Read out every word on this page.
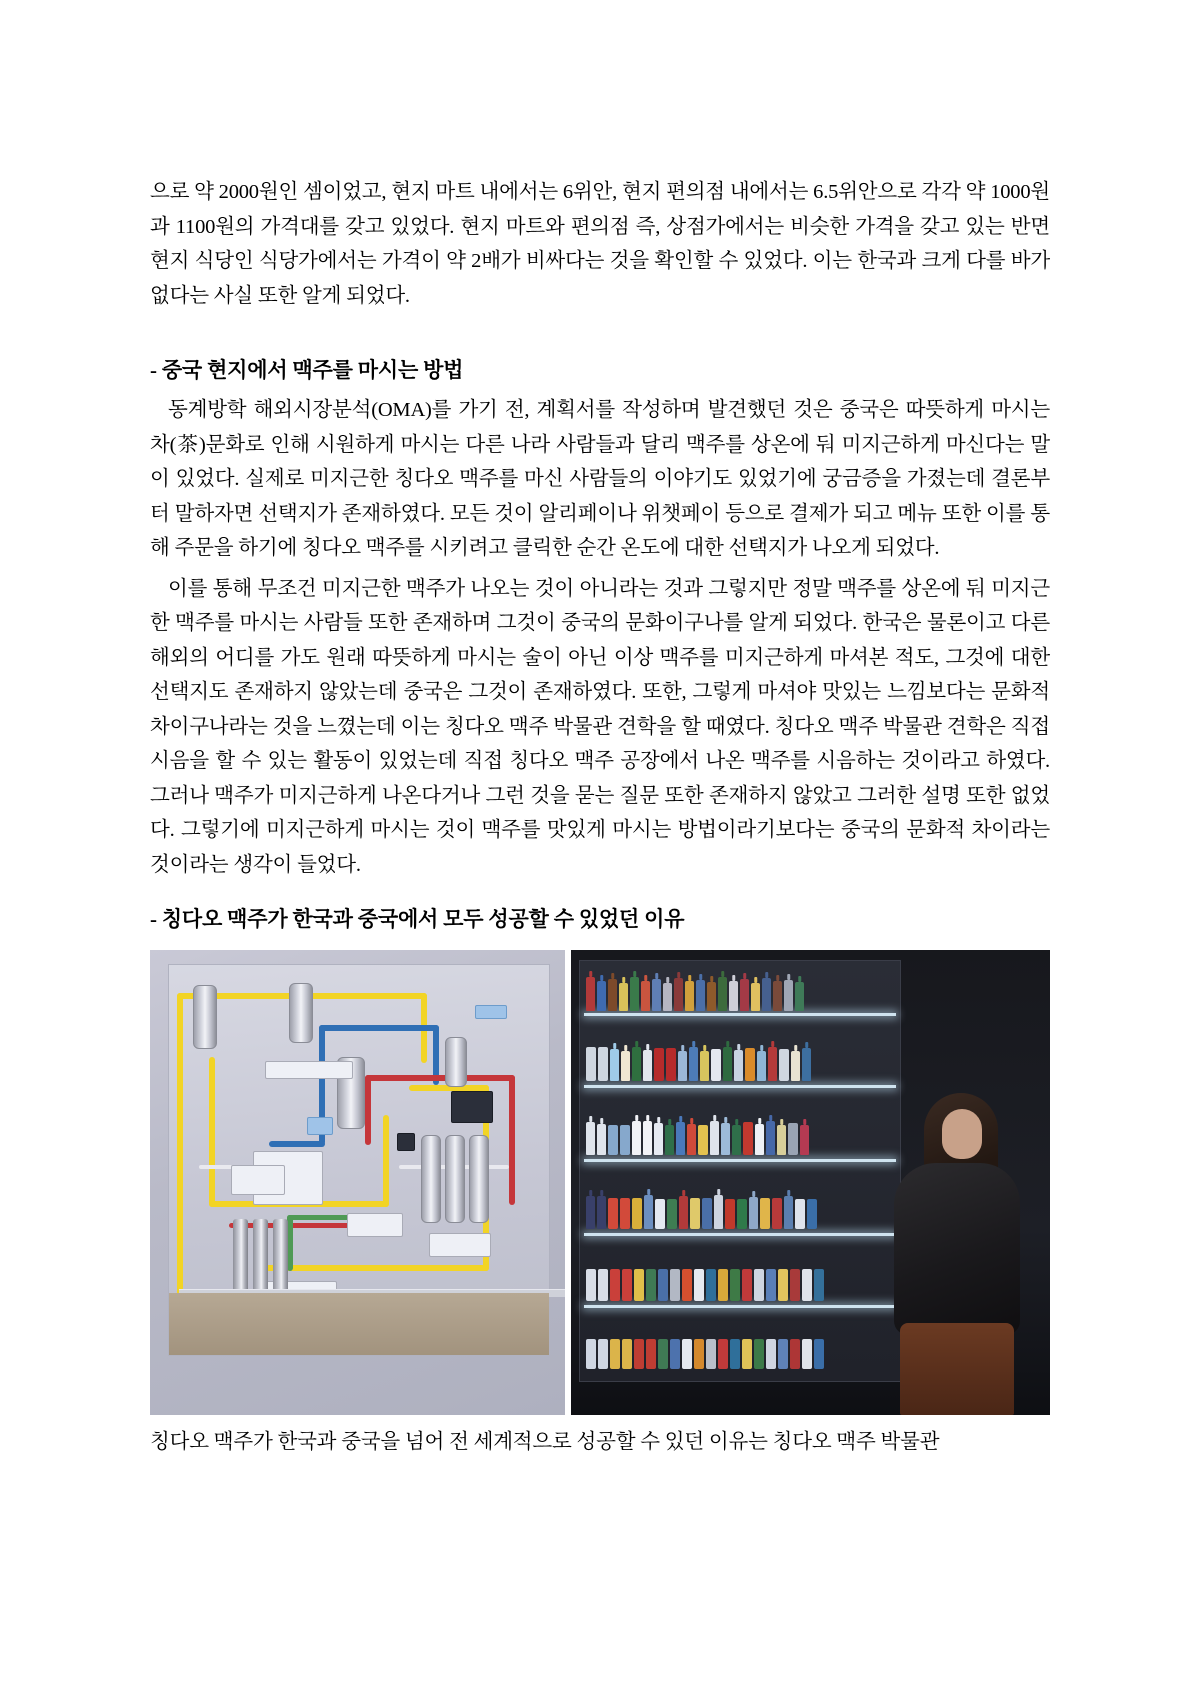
으로 약 2000원인 셈이었고, 현지 마트 내에서는 6위안, 현지 편의점 내에서는 6.5위안으로 각각 약 1000원과 1100원의 가격대를 갖고 있었다. 현지 마트와 편의점 즉, 상점가에서는 비슷한 가격을 갖고 있는 반면 현지 식당인 식당가에서는 가격이 약 2배가 비싸다는 것을 확인할 수 있었다. 이는 한국과 크게 다를 바가 없다는 사실 또한 알게 되었다.

- 중국 현지에서 맥주를 마시는 방법

동계방학 해외시장분석(OMA)를 가기 전, 계획서를 작성하며 발견했던 것은 중국은 따뜻하게 마시는 차(茶)문화로 인해 시원하게 마시는 다른 나라 사람들과 달리 맥주를 상온에 둬 미지근하게 마신다는 말이 있었다. 실제로 미지근한 칭다오 맥주를 마신 사람들의 이야기도 있었기에 궁금증을 가졌는데 결론부터 말하자면 선택지가 존재하였다. 모든 것이 알리페이나 위챗페이 등으로 결제가 되고 메뉴 또한 이를 통해 주문을 하기에 칭다오 맥주를 시키려고 클릭한 순간 온도에 대한 선택지가 나오게 되었다.

이를 통해 무조건 미지근한 맥주가 나오는 것이 아니라는 것과 그렇지만 정말 맥주를 상온에 둬 미지근한 맥주를 마시는 사람들 또한 존재하며 그것이 중국의 문화이구나를 알게 되었다. 한국은 물론이고 다른 해외의 어디를 가도 원래 따뜻하게 마시는 술이 아닌 이상 맥주를 미지근하게 마셔본 적도, 그것에 대한 선택지도 존재하지 않았는데 중국은 그것이 존재하였다. 또한, 그렇게 마셔야 맛있는 느낌보다는 문화적 차이구나라는 것을 느꼈는데 이는 칭다오 맥주 박물관 견학을 할 때였다. 칭다오 맥주 박물관 견학은 직접 시음을 할 수 있는 활동이 있었는데 직접 칭다오 맥주 공장에서 나온 맥주를 시음하는 것이라고 하였다. 그러나 맥주가 미지근하게 나온다거나 그런 것을 묻는 질문 또한 존재하지 않았고 그러한 설명 또한 없었다. 그렇기에 미지근하게 마시는 것이 맥주를 맛있게 마시는 방법이라기보다는 중국의 문화적 차이라는 것이라는 생각이 들었다.

- 칭다오 맥주가 한국과 중국에서 모두 성공할 수 있었던 이유

칭다오 맥주가 한국과 중국을 넘어 전 세계적으로 성공할 수 있던 이유는 칭다오 맥주 박물관
